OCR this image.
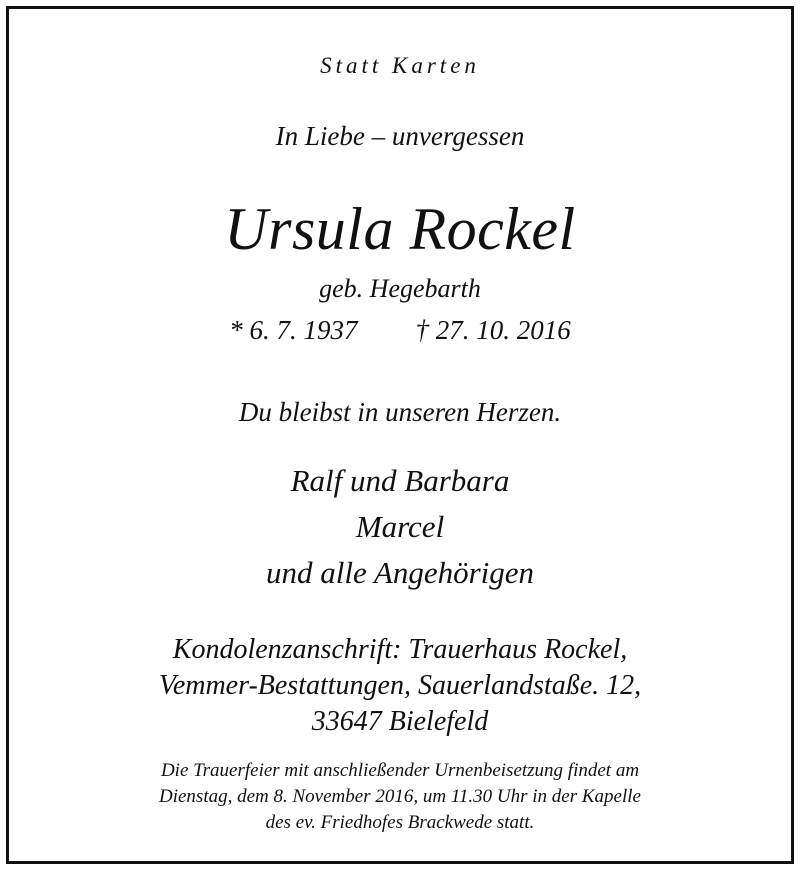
Statt Karten
In Liebe – unvergessen
Ursula Rockel
geb. Hegebarth
* 6. 7. 1937 † 27. 10. 2016
Du bleibst in unseren Herzen.
Ralf und Barbara
Marcel
und alle Angehörigen
Kondolenzanschrift: Trauerhaus Rockel,
Vemmer-Bestattungen, Sauerlandstaße. 12,
33647 Bielefeld
Die Trauerfeier mit anschließender Urnenbeisetzung findet am
Dienstag, dem 8. November 2016, um 11.30 Uhr in der Kapelle
des ev. Friedhofes Brackwede statt.
